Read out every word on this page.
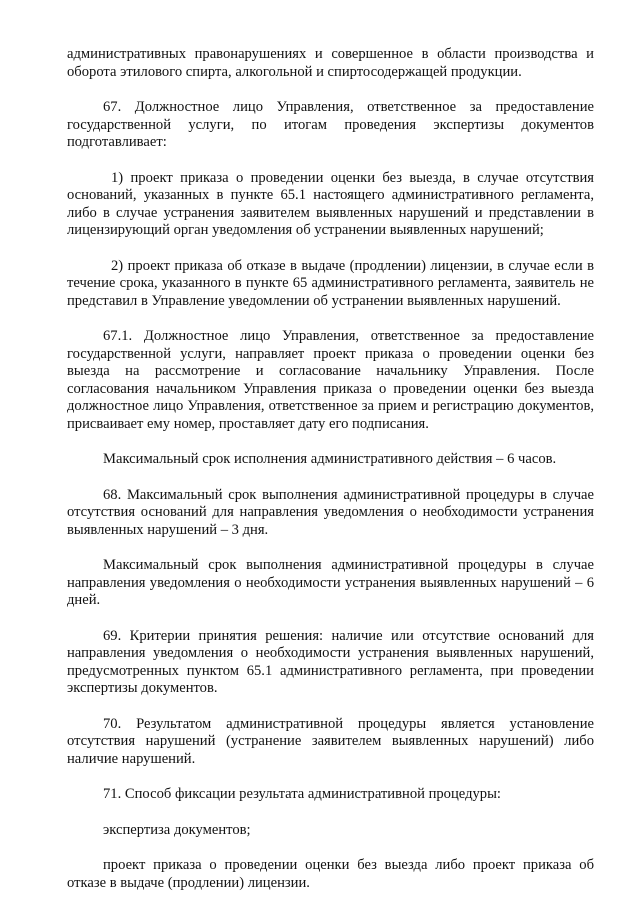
административных правонарушениях и совершенное в области производства и оборота этилового спирта, алкогольной и спиртосодержащей продукции.

67. Должностное лицо Управления, ответственное за предоставление государственной услуги, по итогам проведения экспертизы документов подготавливает:

1) проект приказа о проведении оценки без выезда, в случае отсутствия оснований, указанных в пункте 65.1 настоящего административного регламента, либо в случае устранения заявителем выявленных нарушений и представлении в лицензирующий орган уведомления об устранении выявленных нарушений;

2) проект приказа об отказе в выдаче (продлении) лицензии, в случае если в течение срока, указанного в пункте 65 административного регламента, заявитель не представил в Управление уведомлении об устранении выявленных нарушений.

67.1. Должностное лицо Управления, ответственное за предоставление государственной услуги, направляет проект приказа о проведении оценки без выезда на рассмотрение и согласование начальнику Управления. После согласования начальником Управления приказа о проведении оценки без выезда должностное лицо Управления, ответственное за прием и регистрацию документов, присваивает ему номер, проставляет дату его подписания.

Максимальный срок исполнения административного действия – 6 часов.

68. Максимальный срок выполнения административной процедуры в случае отсутствия оснований для направления уведомления о необходимости устранения выявленных нарушений – 3 дня.

Максимальный срок выполнения административной процедуры в случае направления уведомления о необходимости устранения выявленных нарушений – 6 дней.

69. Критерии принятия решения: наличие или отсутствие оснований для направления уведомления о необходимости устранения выявленных нарушений, предусмотренных пунктом 65.1 административного регламента, при проведении экспертизы документов.

70. Результатом административной процедуры является установление отсутствия нарушений (устранение заявителем выявленных нарушений) либо наличие нарушений.

71. Способ фиксации результата административной процедуры:

экспертиза документов;

проект приказа о проведении оценки без выезда либо проект приказа об отказе в выдаче (продлении) лицензии.
